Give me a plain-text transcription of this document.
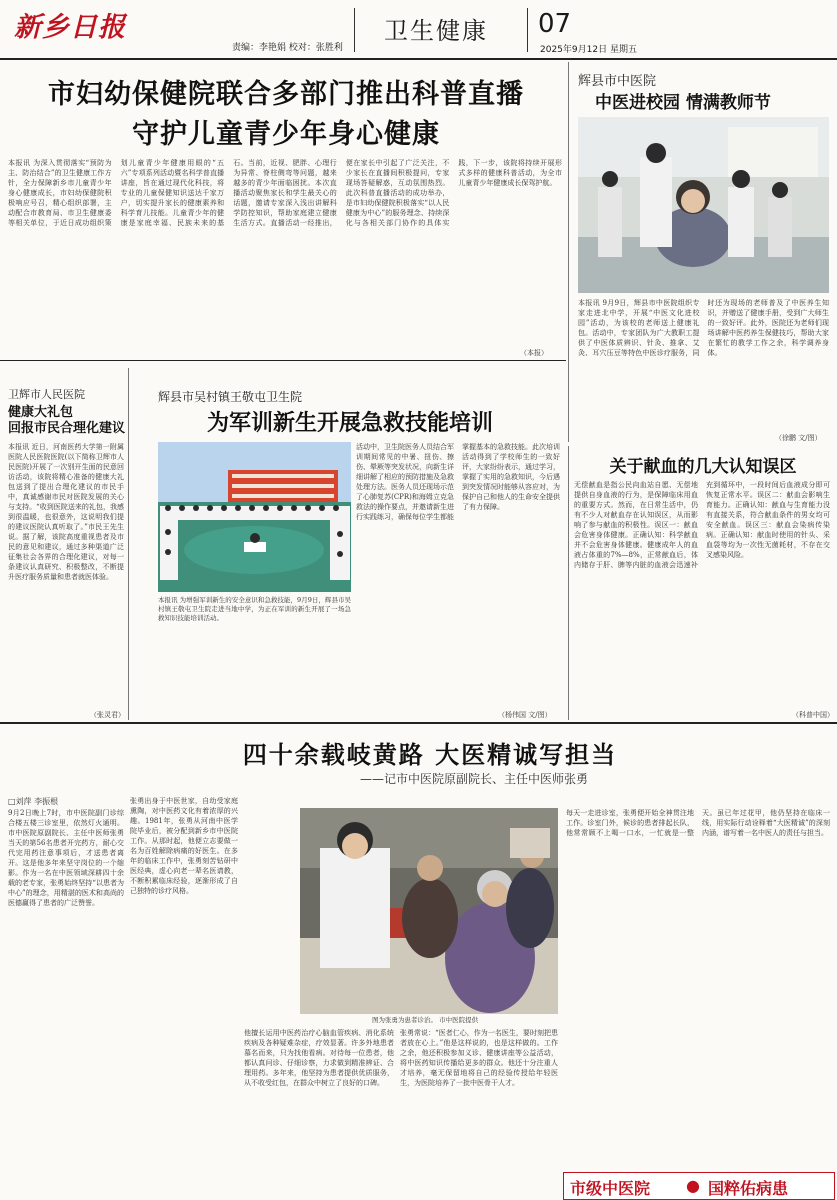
新乡日报
责编：李艳娟 校对：张胜利
卫生健康 07
2025年9月12日 星期五
市妇幼保健院联合多部门推出科普直播
守护儿童青少年身心健康
本报讯 为深入贯彻落实“预防为主、防治结合”的卫生健康工作方针，全力保障新乡市儿童青少年身心健康成长，市妇幼保健院积极响应号召，精心组织部署，主动配合市教育局、市卫生健康委等相关单位，于近日成功组织策划儿童青少年健康用眼的“五六”专项系列活动暨名科学普直播讲座，旨在通过现代化科技，将专业的儿童保健知识送达千家万户，切实提升家长的健康素养和科学育儿技能。儿童青少年的健康是家庭幸福、民族未来的基石。当前，近视、肥胖、心理行为异常、脊柱侧弯等问题，越来越多的青少年面临困扰。本次直播活动聚焦家长和学生最关心的话题，邀请专家深入浅出讲解科学防控知识，帮助家庭建立健康生活方式。直播活动一经推出，便在家长中引起了广泛关注，不少家长在直播间积极提问，专家现场答疑解惑，互动氛围热烈。此次科普直播活动的成功举办，是市妇幼保健院积极落实“以人民健康为中心”的服务理念、持续深化与各相关部门协作的具体实践，下一步，该院将持续开展形式多样的健康科普活动，为全市儿童青少年健康成长保驾护航。
（本报）
辉县市中医院
中医进校园 情满教师节
本报讯 9月9日，辉县市中医院组织专家走进北中学，开展“中医文化进校园”活动，为该校的老师送上健康礼包。活动中，专家团队为广大教职工提供了中医体质辨识、针灸、推拿、艾灸、耳穴压豆等特色中医诊疗服务，同时还为现场的老师普及了中医养生知识，并赠送了健康手册，受到广大师生的一致好评。此外，医院还为老师们现场讲解中医药养生保健技巧，帮助大家在繁忙的教学工作之余，科学调养身体。
（徐鹏 文/图）
卫辉市人民医院
健康大礼包
回报市民合理化建议
本报讯 近日，河南医药大学第一附属医院人民医院医院(以下简称卫辉市人民医院)开展了一次别开生面的民意回访活动，该院将精心准备的健康大礼包送到了提出合理化建议的市民手中，真诚感谢市民对医院发展的关心与支持。“收到医院送来的礼包，我感到很温暖，也很意外，这说明我们提的建议医院认真听取了。”市民王先生说。据了解，该院高度重视患者及市民的意见和建议，通过多种渠道广泛征集社会各界的合理化建议，对每一条建议认真研究、积极整改，不断提升医疗服务质量和患者就医体验。
（张灵君）
辉县市吴村镇王敬屯卫生院
为军训新生开展急救技能培训
本报讯 为增强军训新生的安全意识和急救技能，9月9日，辉县市吴村镇王敬屯卫生院走进当地中学，为正在军训的新生开展了一场急救知识技能培训活动。
活动中，卫生院医务人员结合军训期间常见的中暑、扭伤、擦伤、晕厥等突发状况，向新生详细讲解了相应的预防措施及急救处理方法。医务人员还现场示范了心肺复苏(CPR)和海姆立克急救法的操作要点，并邀请新生进行实践练习，确保每位学生都能掌握基本的急救技能。此次培训活动得到了学校师生的一致好评，大家纷纷表示，通过学习，掌握了实用的急救知识，今后遇到突发情况时能够从容应对，为保护自己和他人的生命安全提供了有力保障。
（杨伟国 文/图）
关于献血的几大认知误区
无偿献血是指公民向血站自愿、无偿地提供自身血液的行为，是保障临床用血的重要方式。然而，在日常生活中，仍有不少人对献血存在认知误区，从而影响了参与献血的积极性。误区一：献血会危害身体健康。正确认知：科学献血并不会危害身体健康。健康成年人的血液占体重的7%—8%，正常献血后，体内储存于肝、脾等内脏的血液会迅速补充到循环中，一段时间后血液成分即可恢复正常水平。误区二：献血会影响生育能力。正确认知：献血与生育能力没有直接关系，符合献血条件的男女均可安全献血。误区三：献血会染病传染病。正确认知：献血时使用的针头、采血袋等均为一次性无菌耗材，不存在交叉感染风险。
（科普中国）
四十余载岐黄路 大医精诚写担当
——记市中医院原副院长、主任中医师张勇
□刘萍 李振根
9月2日晚上7时，市中医院副门诊综合楼五楼三诊室里，依然灯火通明。市中医院原副院长、主任中医师张勇当天的第56名患者开完药方，耐心交代完用药注意事项后，才送患者离开。这是他多年来坚守岗位的一个缩影。作为一名在中医领域深耕四十余载的老专家，张勇始终坚持“以患者为中心”的理念，用精湛的医术和高尚的医德赢得了患者的广泛赞誉。
张勇出身于中医世家，自幼受家庭熏陶，对中医药文化有着浓厚的兴趣。1981年，张勇从河南中医学院毕业后，被分配到新乡市中医院工作。从那时起，他便立志要做一名为百姓解除病痛的好医生。在多年的临床工作中，张勇刻苦钻研中医经典，虚心向老一辈名医请教，不断积累临床经验，逐渐形成了自己独特的诊疗风格。
图为张勇为患者诊治。 市中医院提供
他擅长运用中医药治疗心脑血管疾病、消化系统疾病及各种疑难杂症，疗效显著。许多外地患者慕名而来，只为找他看病。对待每一位患者，他都认真问诊、仔细诊察，力求做到精准辨证、合理用药。多年来，他坚持为患者提供优质服务，从不收受红包，在群众中树立了良好的口碑。
张勇常说：“医者仁心，作为一名医生，要时刻把患者放在心上。”他是这样说的，也是这样做的。工作之余，他还积极参加义诊、健康讲座等公益活动，将中医药知识传播给更多的群众。他还十分注重人才培养，毫无保留地将自己的经验传授给年轻医生，为医院培养了一批中医骨干人才。
每天一走进诊室，张勇便开始全神贯注地工作。诊室门外，候诊的患者排起长队，他常常顾不上喝一口水，一忙就是一整天。虽已年过花甲，他仍坚持在临床一线，用实际行动诠释着“大医精诚”的深刻内涵，谱写着一名中医人的责任与担当。
市级中医院 ● 国粹佑病患
